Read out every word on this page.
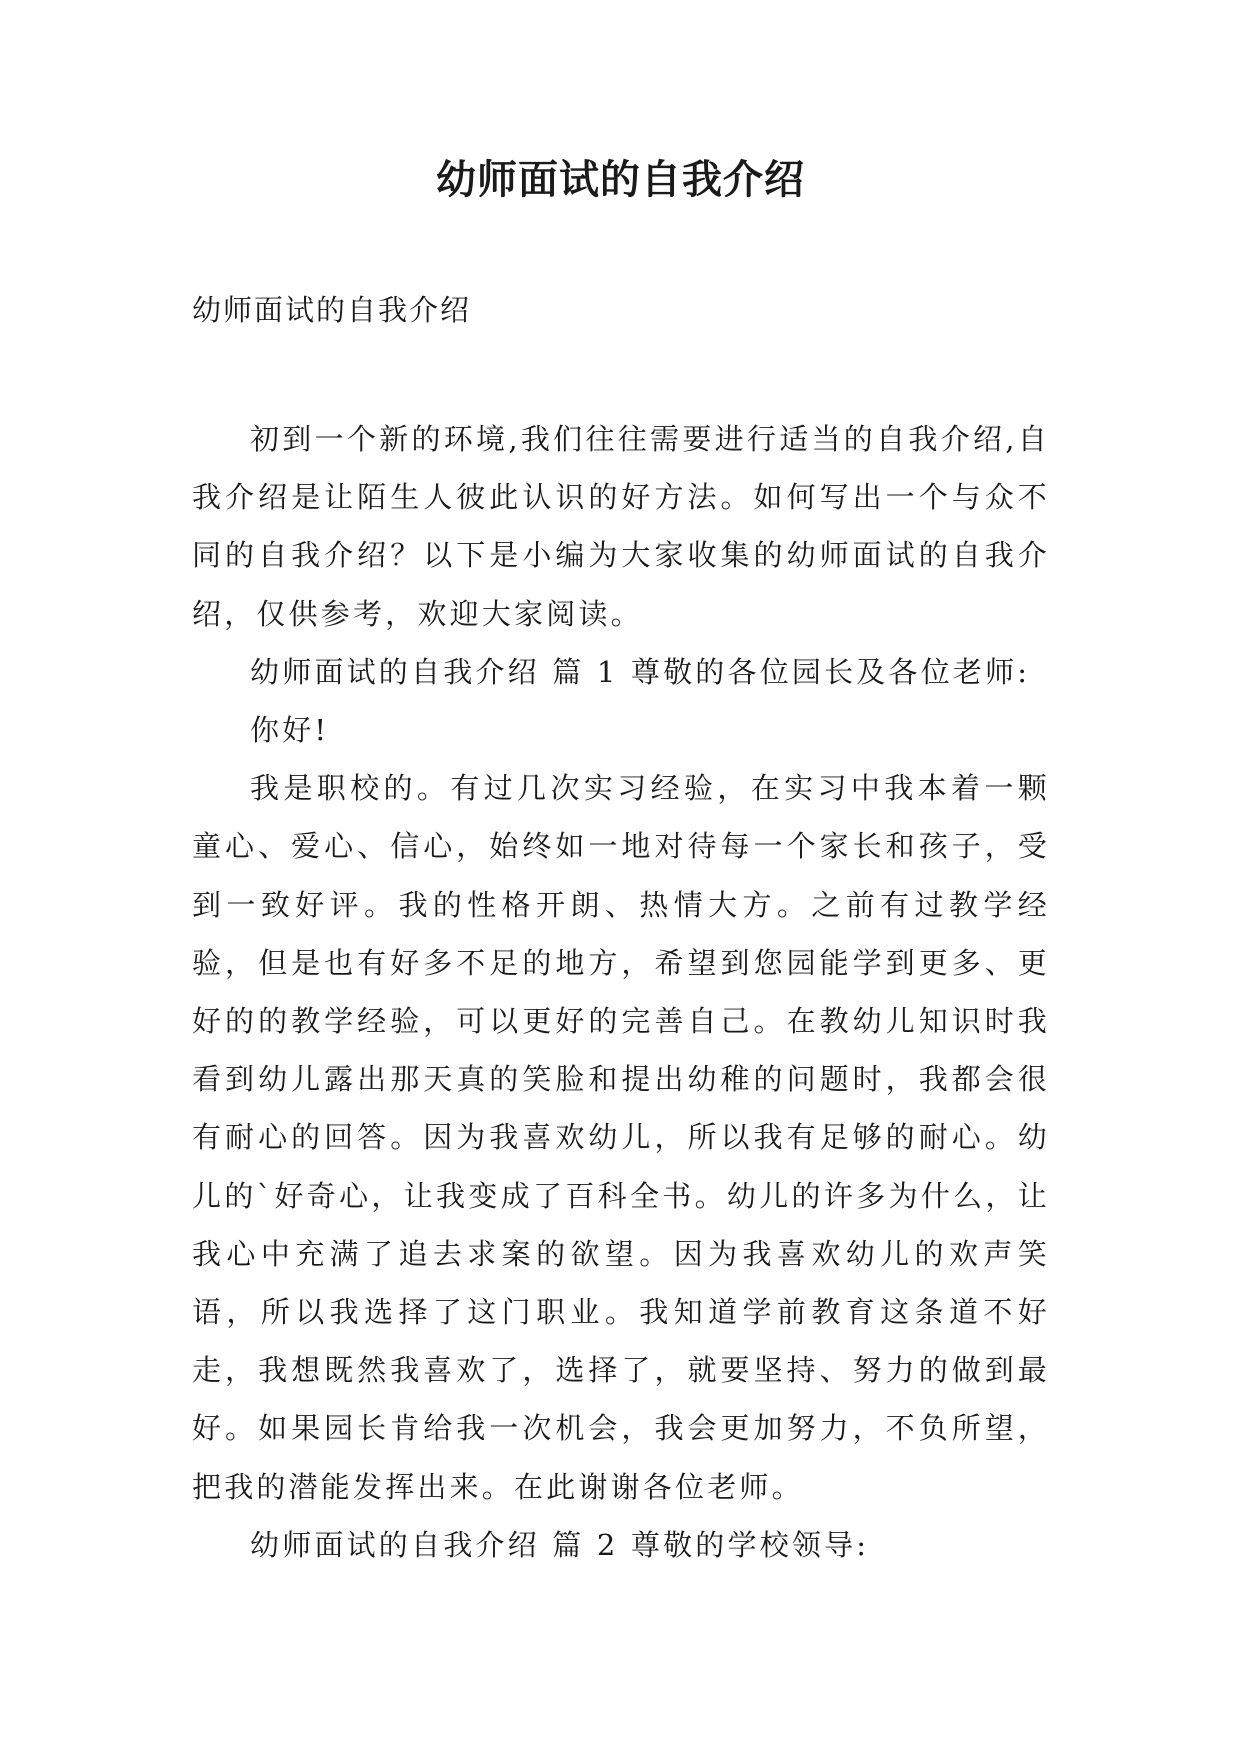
幼师面试的自我介绍
幼师面试的自我介绍

初到一个新的环境,我们往往需要进行适当的自我介绍,自我介绍是让陌生人彼此认识的好方法。如何写出一个与众不同的自我介绍？以下是小编为大家收集的幼师面试的自我介绍，仅供参考，欢迎大家阅读。

幼师面试的自我介绍 篇 1 尊敬的各位园长及各位老师:

你好!

我是职校的。有过几次实习经验，在实习中我本着一颗童心、爱心、信心，始终如一地对待每一个家长和孩子，受到一致好评。我的性格开朗、热情大方。之前有过教学经验，但是也有好多不足的地方，希望到您园能学到更多、更好的的教学经验，可以更好的完善自己。在教幼儿知识时我看到幼儿露出那天真的笑脸和提出幼稚的问题时，我都会很有耐心的回答。因为我喜欢幼儿，所以我有足够的耐心。幼儿的`好奇心，让我变成了百科全书。幼儿的许多为什么，让我心中充满了追去求案的欲望。因为我喜欢幼儿的欢声笑语，所以我选择了这门职业。我知道学前教育这条道不好走，我想既然我喜欢了，选择了，就要坚持、努力的做到最好。如果园长肯给我一次机会，我会更加努力，不负所望，把我的潜能发挥出来。在此谢谢各位老师。

幼师面试的自我介绍 篇 2 尊敬的学校领导:
